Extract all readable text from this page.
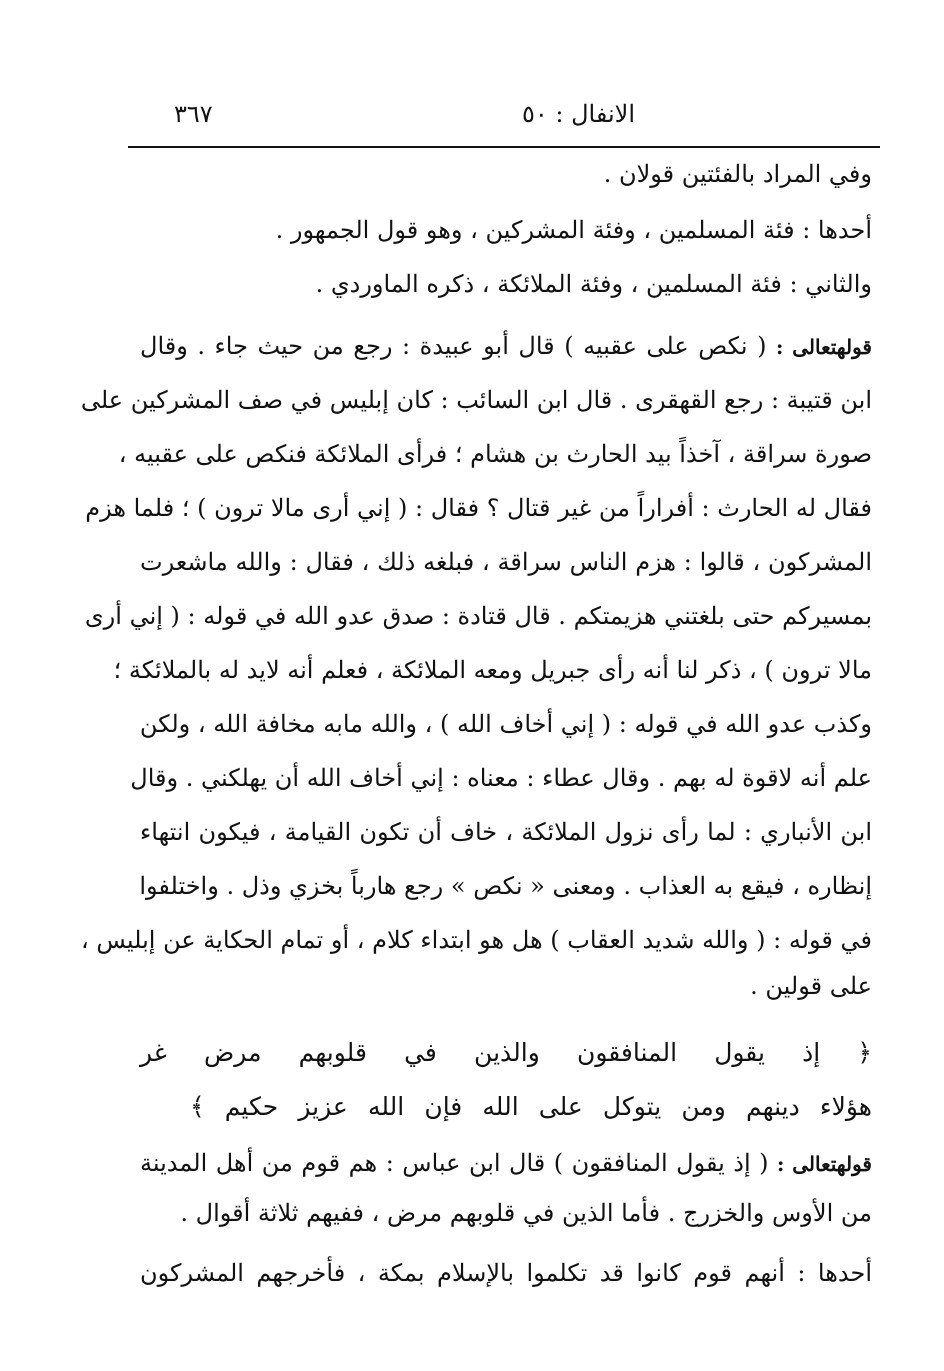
الانفال : ٥٠
٣٦٧
وفي المراد بالفئتين قولان .
أحدها : فئة المسلمين ، وفئة المشركين ، وهو قول الجمهور .
والثاني : فئة المسلمين ، وفئة الملائكة ، ذكره الماوردي .
قولهتعالى : ( نكص على عقبيه ) قال أبو عبيدة : رجع من حيث جاء . وقال
ابن قتيبة : رجع القهقرى . قال ابن السائب : كان إبليس في صف المشركين على
صورة سراقة ، آخذاً بيد الحارث بن هشام ؛ فرأى الملائكة فنكص على عقبيه ،
فقال له الحارث : أفراراً من غير قتال ؟ فقال : ( إني أرى مالا ترون ) ؛ فلما هزم
المشركون ، قالوا : هزم الناس سراقة ، فبلغه ذلك ، فقال : والله ماشعرت
بمسيركم حتى بلغتني هزيمتكم . قال قتادة : صدق عدو الله في قوله : ( إني أرى
مالا ترون ) ، ذكر لنا أنه رأى جبريل ومعه الملائكة ، فعلم أنه لايد له بالملائكة ؛
وكذب عدو الله في قوله : ( إني أخاف الله ) ، والله مابه مخافة الله ، ولكن
علم أنه لاقوة له بهم . وقال عطاء : معناه : إني أخاف الله أن يهلكني . وقال
ابن الأنباري : لما رأى نزول الملائكة ، خاف أن تكون القيامة ، فيكون انتهاء
إنظاره ، فيقع به العذاب . ومعنى « نكص » رجع هارباً بخزي وذل . واختلفوا
في قوله : ( والله شديد العقاب ) هل هو ابتداء كلام ، أو تمام الحكاية عن إبليس ،
على قولين .
﴿ إذ يقول المنافقون والذين في قلوبهم مرض غر
هؤلاء دينهم ومن يتوكل على الله فإن الله عزيز حكيم ﴾
قولهتعالى : ( إذ يقول المنافقون ) قال ابن عباس : هم قوم من أهل المدينة
من الأوس والخزرج . فأما الذين في قلوبهم مرض ، ففيهم ثلاثة أقوال .
أحدها : أنهم قوم كانوا قد تكلموا بالإسلام بمكة ، فأخرجهم المشركون
